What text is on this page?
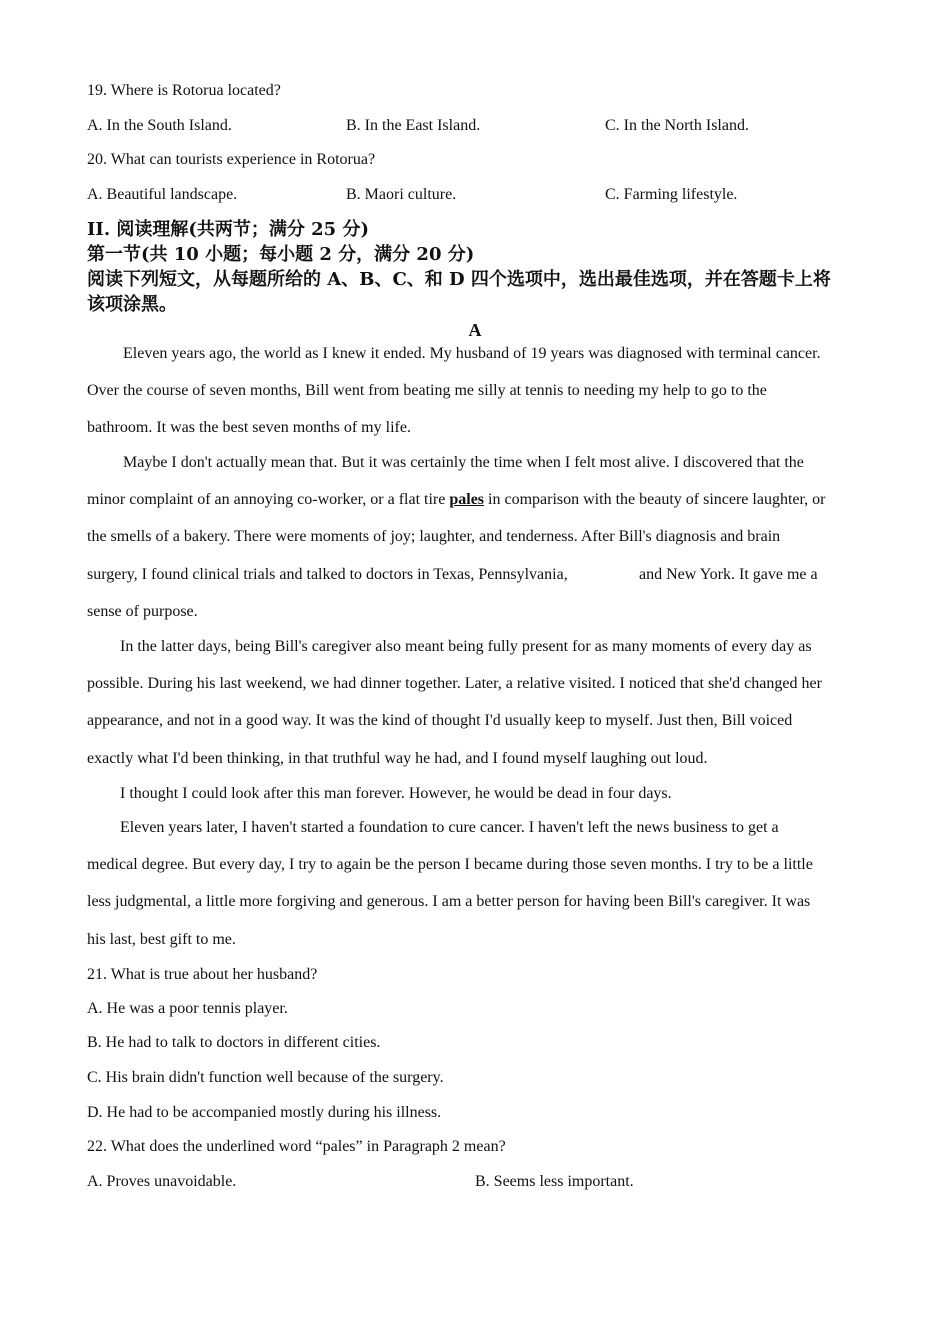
19. Where is Rotorua located?
A. In the South Island.	B. In the East Island.	C. In the North Island.
20. What can tourists experience in Rotorua?
A. Beautiful landscape.	B. Maori culture.	C. Farming lifestyle.
II. 阅读理解(共两节；满分 25 分)
第一节(共 10 小题；每小题 2 分，满分 20 分)
阅读下列短文，从每题所给的 A、B、C、和 D 四个选项中，选出最佳选项，并在答题卡上将
该项涂黑。
A
Eleven years ago, the world as I knew it ended. My husband of 19 years was diagnosed with terminal cancer.
Over the course of seven months, Bill went from beating me silly at tennis to needing my help to go to the
bathroom. It was the best seven months of my life.
Maybe I don't actually mean that. But it was certainly the time when I felt most alive. I discovered that the
minor complaint of an annoying co-worker, or a flat tire pales in comparison with the beauty of sincere laughter, or
the smells of a bakery. There were moments of joy; laughter, and tenderness. After Bill's diagnosis and brain
surgery, I found clinical trials and talked to doctors in Texas, Pennsylvania,	and New York. It gave me a
sense of purpose.
In the latter days, being Bill's caregiver also meant being fully present for as many moments of every day as
possible. During his last weekend, we had dinner together. Later, a relative visited. I noticed that she'd changed her
appearance, and not in a good way. It was the kind of thought I'd usually keep to myself. Just then, Bill voiced
exactly what I'd been thinking, in that truthful way he had, and I found myself laughing out loud.
I thought I could look after this man forever. However, he would be dead in four days.
Eleven years later, I haven't started a foundation to cure cancer. I haven't left the news business to get a
medical degree. But every day, I try to again be the person I became during those seven months. I try to be a little
less judgmental, a little more forgiving and generous. I am a better person for having been Bill's caregiver. It was
his last, best gift to me.
21. What is true about her husband?
A. He was a poor tennis player.
B. He had to talk to doctors in different cities.
C. His brain didn't function well because of the surgery.
D. He had to be accompanied mostly during his illness.
22. What does the underlined word “pales” in Paragraph 2 mean?
A. Proves unavoidable.	B. Seems less important.
